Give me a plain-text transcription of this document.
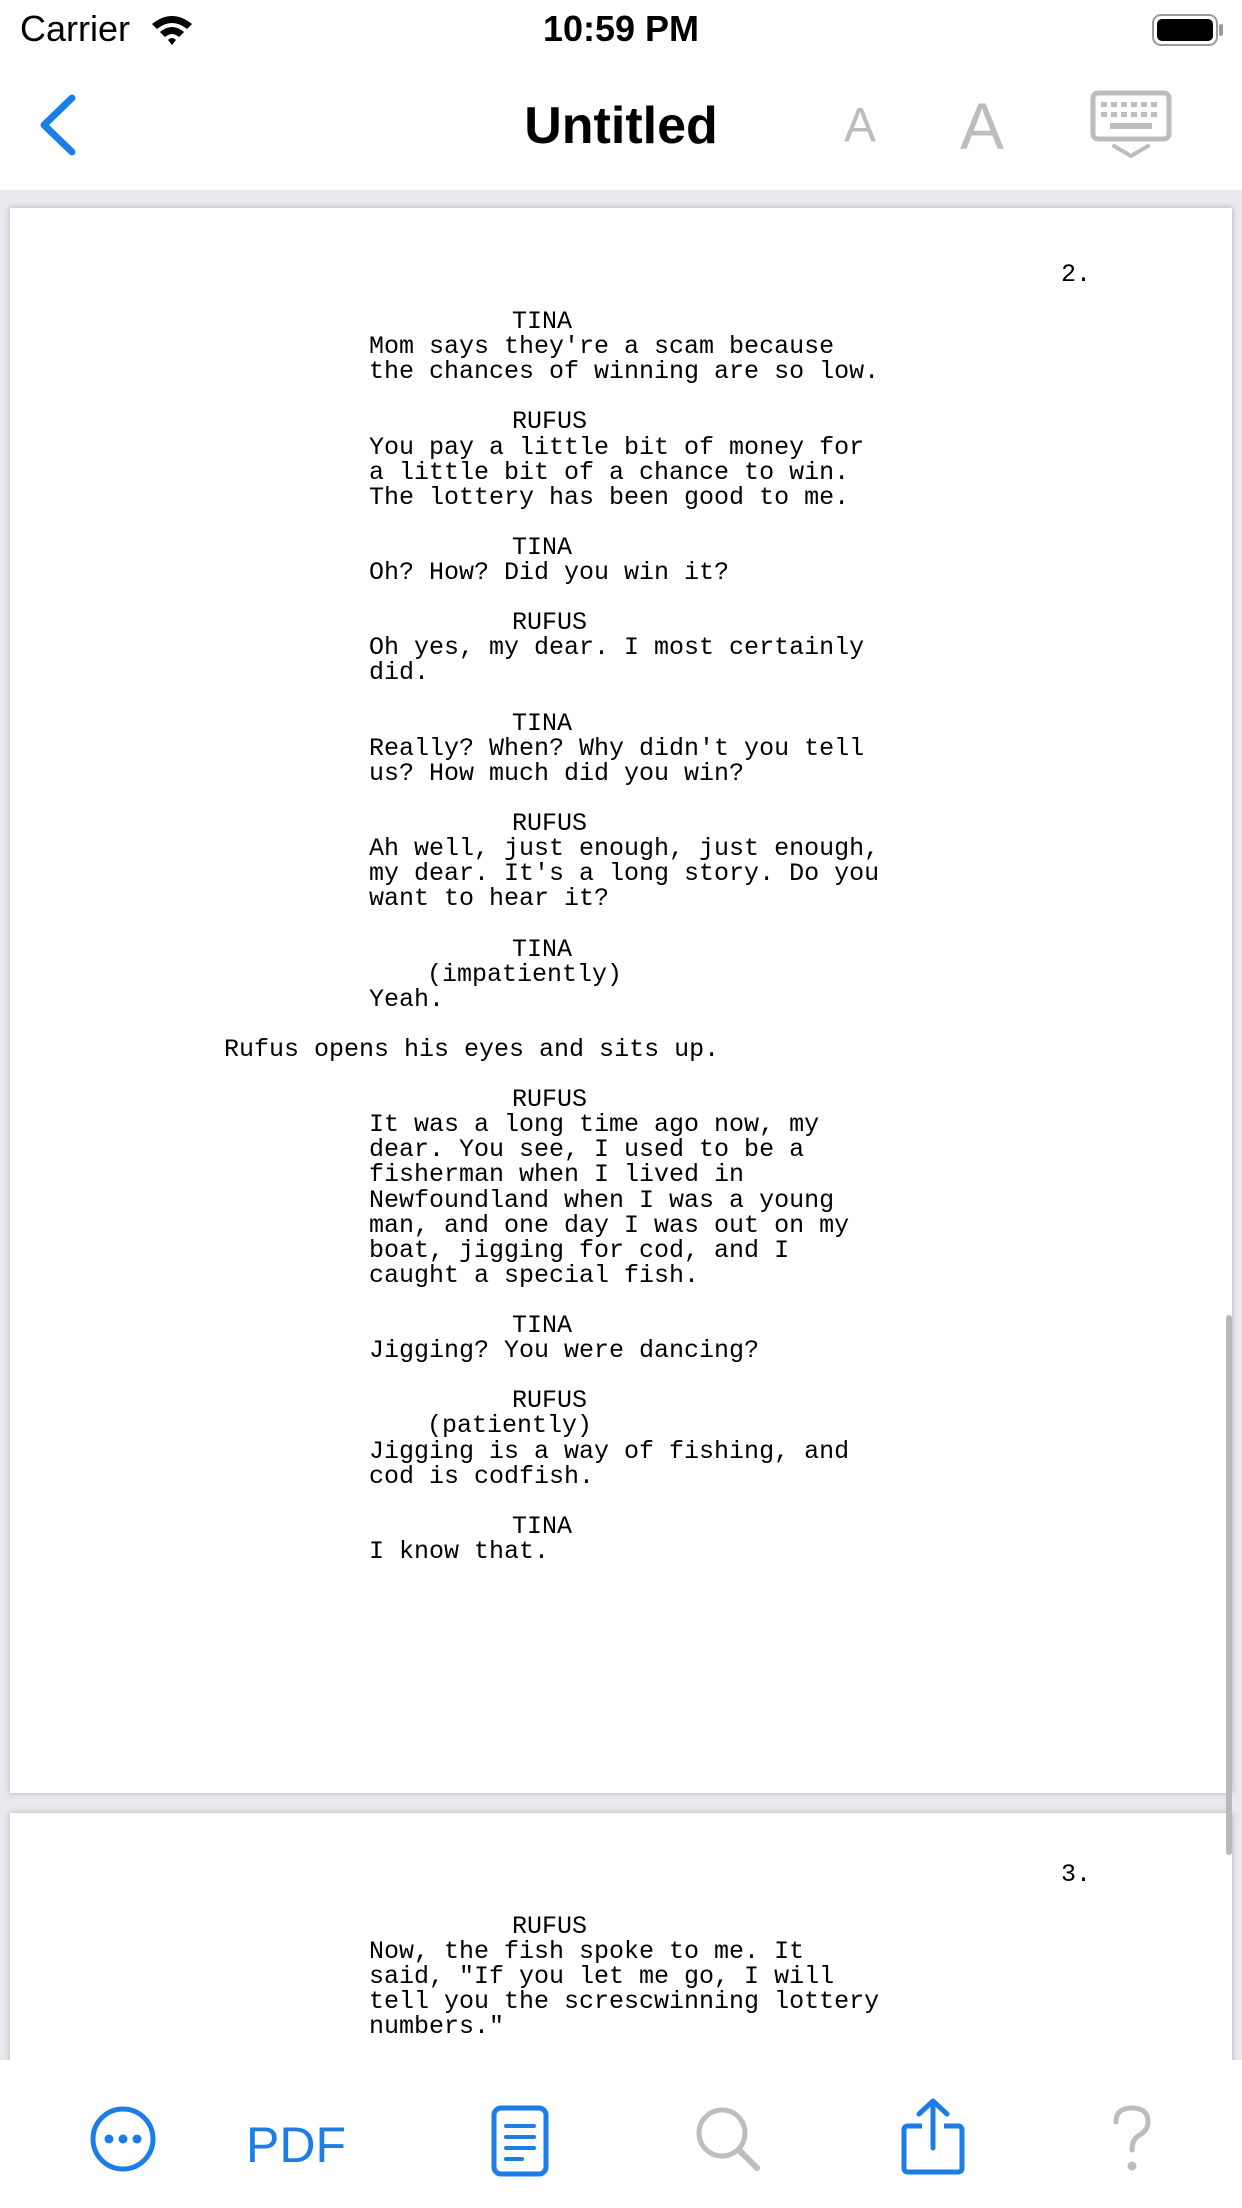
Carrier	10:59 PM
Untitled	A A
2.
TINA
Mom says they're a scam because
the chances of winning are so low.
RUFUS
You pay a little bit of money for
a little bit of a chance to win.
The lottery has been good to me.
TINA
Oh? How? Did you win it?
RUFUS
Oh yes, my dear. I most certainly
did.
TINA
Really? When? Why didn't you tell
us? How much did you win?
RUFUS
Ah well, just enough, just enough,
my dear. It's a long story. Do you
want to hear it?
TINA
(impatiently)
Yeah.
Rufus opens his eyes and sits up.
RUFUS
It was a long time ago now, my
dear. You see, I used to be a
fisherman when I lived in
Newfoundland when I was a young
man, and one day I was out on my
boat, jigging for cod, and I
caught a special fish.
TINA
Jigging? You were dancing?
RUFUS
(patiently)
Jigging is a way of fishing, and
cod is codfish.
TINA
I know that.
3.
RUFUS
Now, the fish spoke to me. It
said, "If you let me go, I will
tell you the screscwinning lottery
numbers."
PDF
